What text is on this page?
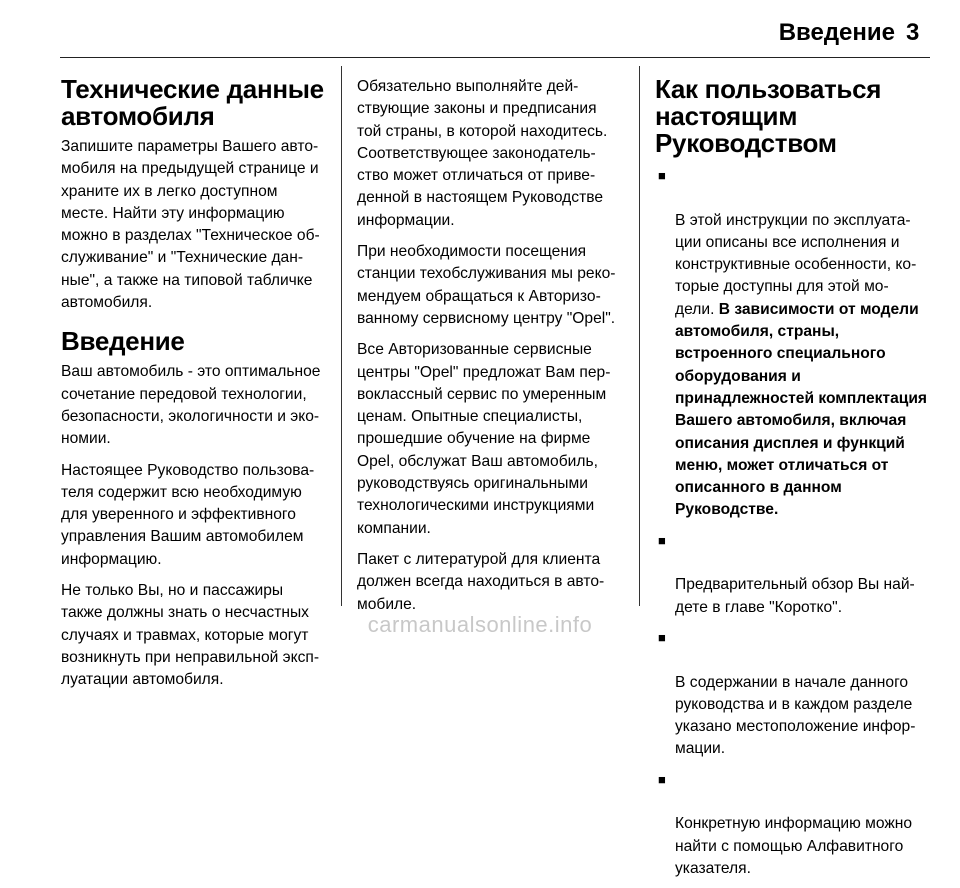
Введение 3
Технические данные
автомобиля

Запишите параметры Вашего авто-
мобиля на предыдущей странице и
храните их в легко доступном
месте. Найти эту информацию
можно в разделах "Техническое об-
служивание" и "Технические дан-
ные", а также на типовой табличке
автомобиля.

Введение

Ваш автомобиль - это оптимальное
сочетание передовой технологии,
безопасности, экологичности и эко-
номии.

Настоящее Руководство пользова-
теля содержит всю необходимую
для уверенного и эффективного
управления Вашим автомобилем
информацию.

Не только Вы, но и пассажиры
также должны знать о несчастных
случаях и травмах, которые могут
возникнуть при неправильной эксп-
луатации автомобиля.

Обязательно выполняйте дей-
ствующие законы и предписания
той страны, в которой находитесь.
Соответствующее законодатель-
ство может отличаться от приве-
денной в настоящем Руководстве
информации.

При необходимости посещения
станции техобслуживания мы реко-
мендуем обращаться к Авторизо-
ванному сервисному центру "Opel".

Все Авторизованные сервисные
центры "Opel" предложат Вам пер-
воклассный сервис по умеренным
ценам. Опытные специалисты,
прошедшие обучение на фирме
Opel, обслужат Ваш автомобиль,
руководствуясь оригинальными
технологическими инструкциями
компании.

Пакет с литературой для клиента
должен всегда находиться в авто-
мобиле.

Как пользоваться
настоящим
Руководством

■

В этой инструкции по эксплуата-
ции описаны все исполнения и
конструктивные особенности, ко-
торые доступны для этой мо-
дели. В зависимости от модели
автомобиля, страны,
встроенного специального
оборудования и
принадлежностей комплектация
Вашего автомобиля, включая
описания дисплея и функций
меню, может отличаться от
описанного в данном
Руководстве.

■

Предварительный обзор Вы най-
дете в главе "Коротко".

■

В содержании в начале данного
руководства и в каждом разделе
указано местоположение инфор-
мации.

■

Конкретную информацию можно
найти с помощью Алфавитного
указателя.

carmanualsonline.info
